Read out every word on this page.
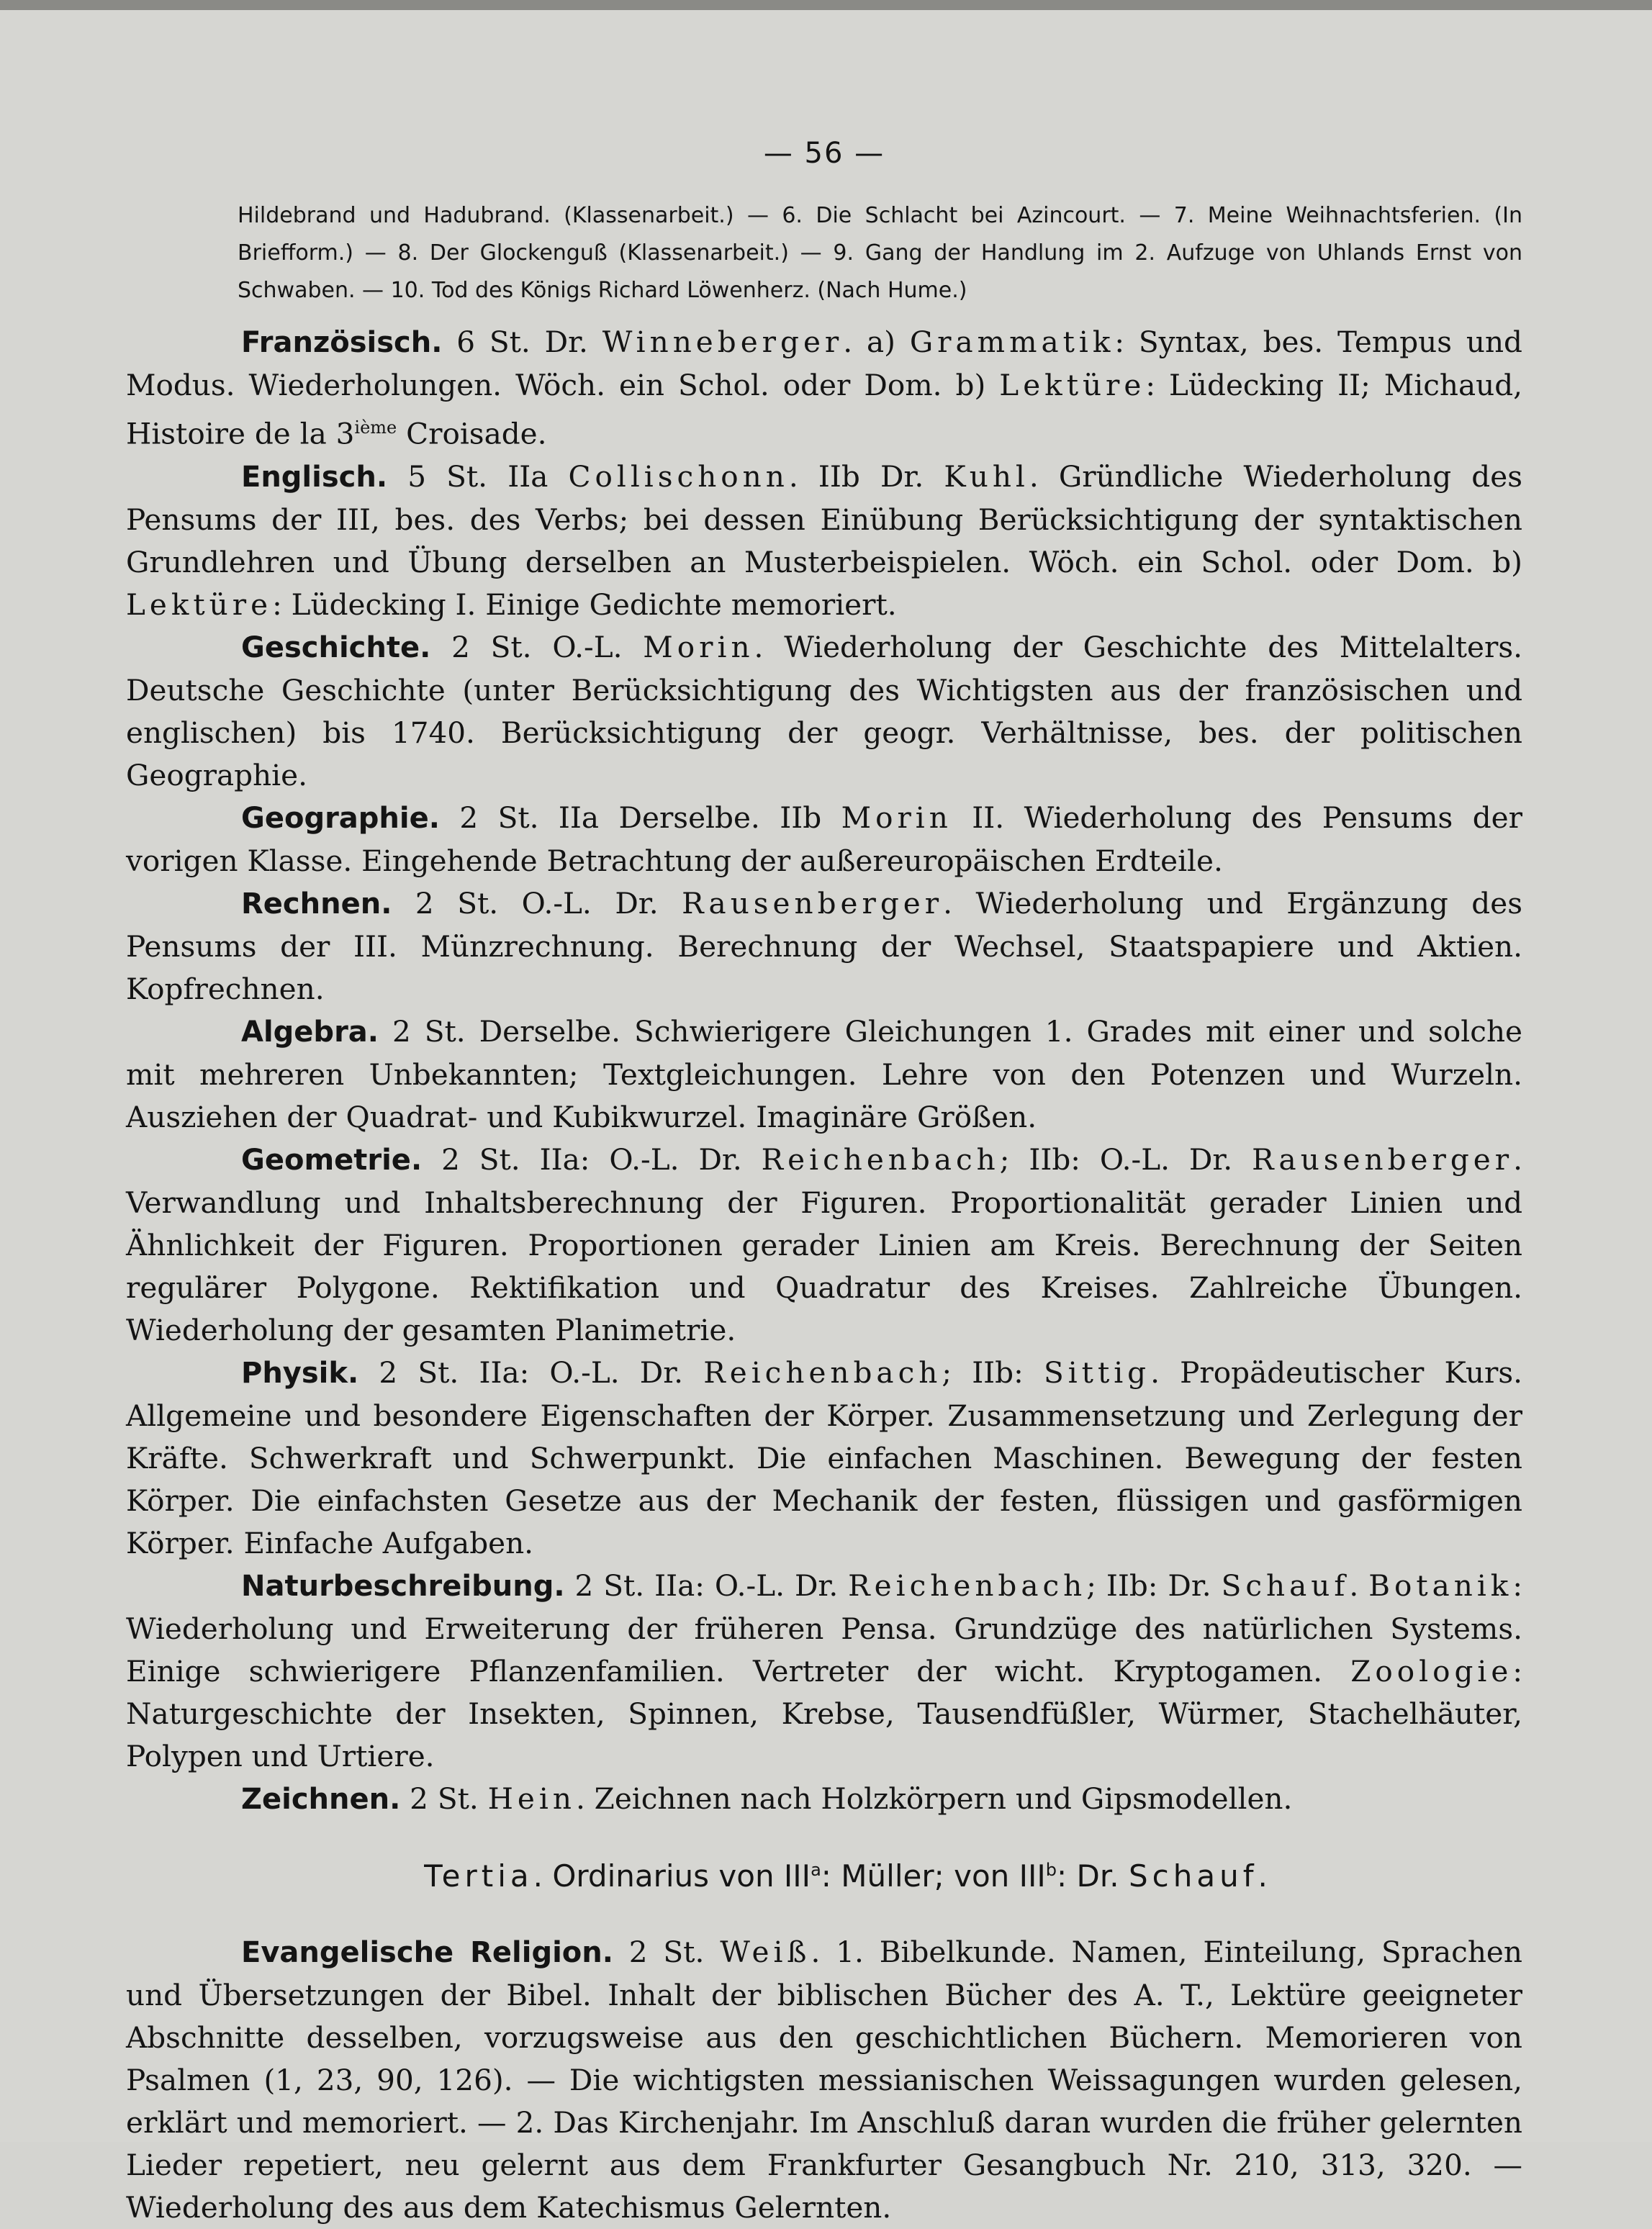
— 56 —

Hildebrand und Hadubrand. (Klassenarbeit.) — 6. Die Schlacht bei Azincourt. — 7. Meine Weihnachtsferien. (In Briefform.) — 8. Der Glockenguß (Klassenarbeit.) — 9. Gang der Handlung im 2. Aufzuge von Uhlands Ernst von Schwaben. — 10. Tod des Königs Richard Löwenherz. (Nach Hume.)

Französisch. 6 St. Dr. Winneberger. a) Grammatik: Syntax, bes. Tempus und Modus. Wiederholungen. Wöch. ein Schol. oder Dom. b) Lektüre: Lüdecking II; Michaud, Histoire de la 3ième Croisade.

Englisch. 5 St. IIa Collischonn. IIb Dr. Kuhl. Gründliche Wiederholung des Pensums der III, bes. des Verbs; bei dessen Einübung Berücksichtigung der syntaktischen Grundlehren und Übung derselben an Musterbeispielen. Wöch. ein Schol. oder Dom. b) Lektüre: Lüdecking I. Einige Gedichte memoriert.

Geschichte. 2 St. O.-L. Morin. Wiederholung der Geschichte des Mittelalters. Deutsche Geschichte (unter Berücksichtigung des Wichtigsten aus der französischen und englischen) bis 1740. Berücksichtigung der geogr. Verhältnisse, bes. der politischen Geographie.

Geographie. 2 St. IIa Derselbe. IIb Morin II. Wiederholung des Pensums der vorigen Klasse. Eingehende Betrachtung der außereuropäischen Erdteile.

Rechnen. 2 St. O.-L. Dr. Rausenberger. Wiederholung und Ergänzung des Pensums der III. Münzrechnung. Berechnung der Wechsel, Staatspapiere und Aktien. Kopfrechnen.

Algebra. 2 St. Derselbe. Schwierigere Gleichungen 1. Grades mit einer und solche mit mehreren Unbekannten; Textgleichungen. Lehre von den Potenzen und Wurzeln. Ausziehen der Quadrat- und Kubikwurzel. Imaginäre Größen.

Geometrie. 2 St. IIa: O.-L. Dr. Reichenbach; IIb: O.-L. Dr. Rausenberger. Verwandlung und Inhaltsberechnung der Figuren. Proportionalität gerader Linien und Ähnlichkeit der Figuren. Proportionen gerader Linien am Kreis. Berechnung der Seiten regulärer Polygone. Rektifikation und Quadratur des Kreises. Zahlreiche Übungen. Wiederholung der gesamten Planimetrie.

Physik. 2 St. IIa: O.-L. Dr. Reichenbach; IIb: Sittig. Propädeutischer Kurs. Allgemeine und besondere Eigenschaften der Körper. Zusammensetzung und Zerlegung der Kräfte. Schwerkraft und Schwerpunkt. Die einfachen Maschinen. Bewegung der festen Körper. Die einfachsten Gesetze aus der Mechanik der festen, flüssigen und gasförmigen Körper. Einfache Aufgaben.

Naturbeschreibung. 2 St. IIa: O.-L. Dr. Reichenbach; IIb: Dr. Schauf. Botanik: Wiederholung und Erweiterung der früheren Pensa. Grundzüge des natürlichen Systems. Einige schwierigere Pflanzenfamilien. Vertreter der wicht. Kryptogamen. Zoologie: Naturgeschichte der Insekten, Spinnen, Krebse, Tausendfüßler, Würmer, Stachelhäuter, Polypen und Urtiere.

Zeichnen. 2 St. Hein. Zeichnen nach Holzkörpern und Gipsmodellen.

Tertia. Ordinarius von III$^a$: Müller; von III$^b$: Dr. Schauf.

Evangelische Religion. 2 St. Weiß. 1. Bibelkunde. Namen, Einteilung, Sprachen und Übersetzungen der Bibel. Inhalt der biblischen Bücher des A. T., Lektüre geeigneter Abschnitte desselben, vorzugsweise aus den geschichtlichen Büchern. Memorieren von Psalmen (1, 23, 90, 126). — Die wichtigsten messianischen Weissagungen wurden gelesen, erklärt und memoriert. — 2. Das Kirchenjahr. Im Anschluß daran wurden die früher gelernten Lieder repetiert, neu gelernt aus dem Frankfurter Gesangbuch Nr. 210, 313, 320. — Wiederholung des aus dem Katechismus Gelernten.
